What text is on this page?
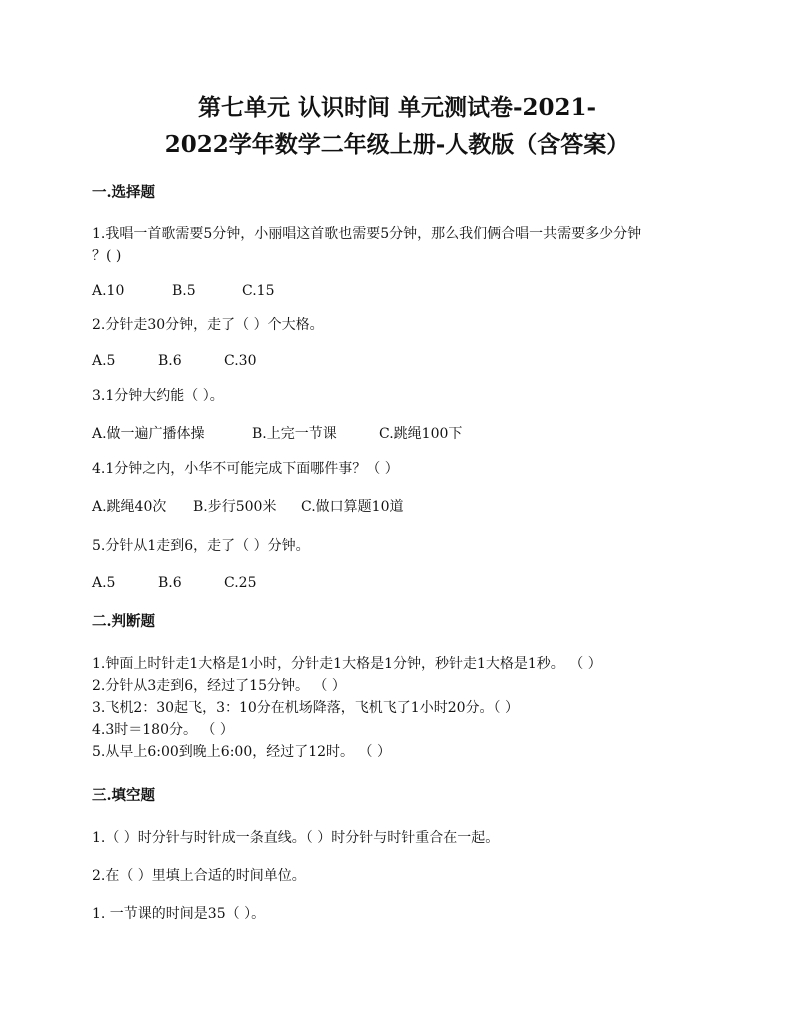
第七单元 认识时间 单元测试卷-2021-
2022学年数学二年级上册-人教版（含答案）
一.选择题
1.我唱一首歌需要5分钟，小丽唱这首歌也需要5分钟，那么我们俩合唱一共需要多少分钟
？( )
A.10	B.5	C.15
2.分针走30分钟，走了（ ）个大格。
A.5	B.6	C.30
3.1分钟大约能（ ）。
A.做一遍广播体操	B.上完一节课	C.跳绳100下
4.1分钟之内，小华不可能完成下面哪件事？（ ）
A.跳绳40次 B.步行500米 C.做口算题10道
5.分针从1走到6，走了（ ）分钟。
A.5	B.6	C.25
二.判断题
1.钟面上时针走1大格是1小时，分针走1大格是1分钟，秒针走1大格是1秒。 （ ）
2.分针从3走到6，经过了15分钟。 （ ）
3.飞机2：30起飞，3：10分在机场降落，飞机飞了1小时20分。（ ）
4.3时＝180分。 （ ）
5.从早上6:00到晚上6:00，经过了12时。 （ ）
三.填空题
1.（ ）时分针与时针成一条直线。（ ）时分针与时针重合在一起。
2.在（ ）里填上合适的时间单位。
1. 一节课的时间是35（ ）。
